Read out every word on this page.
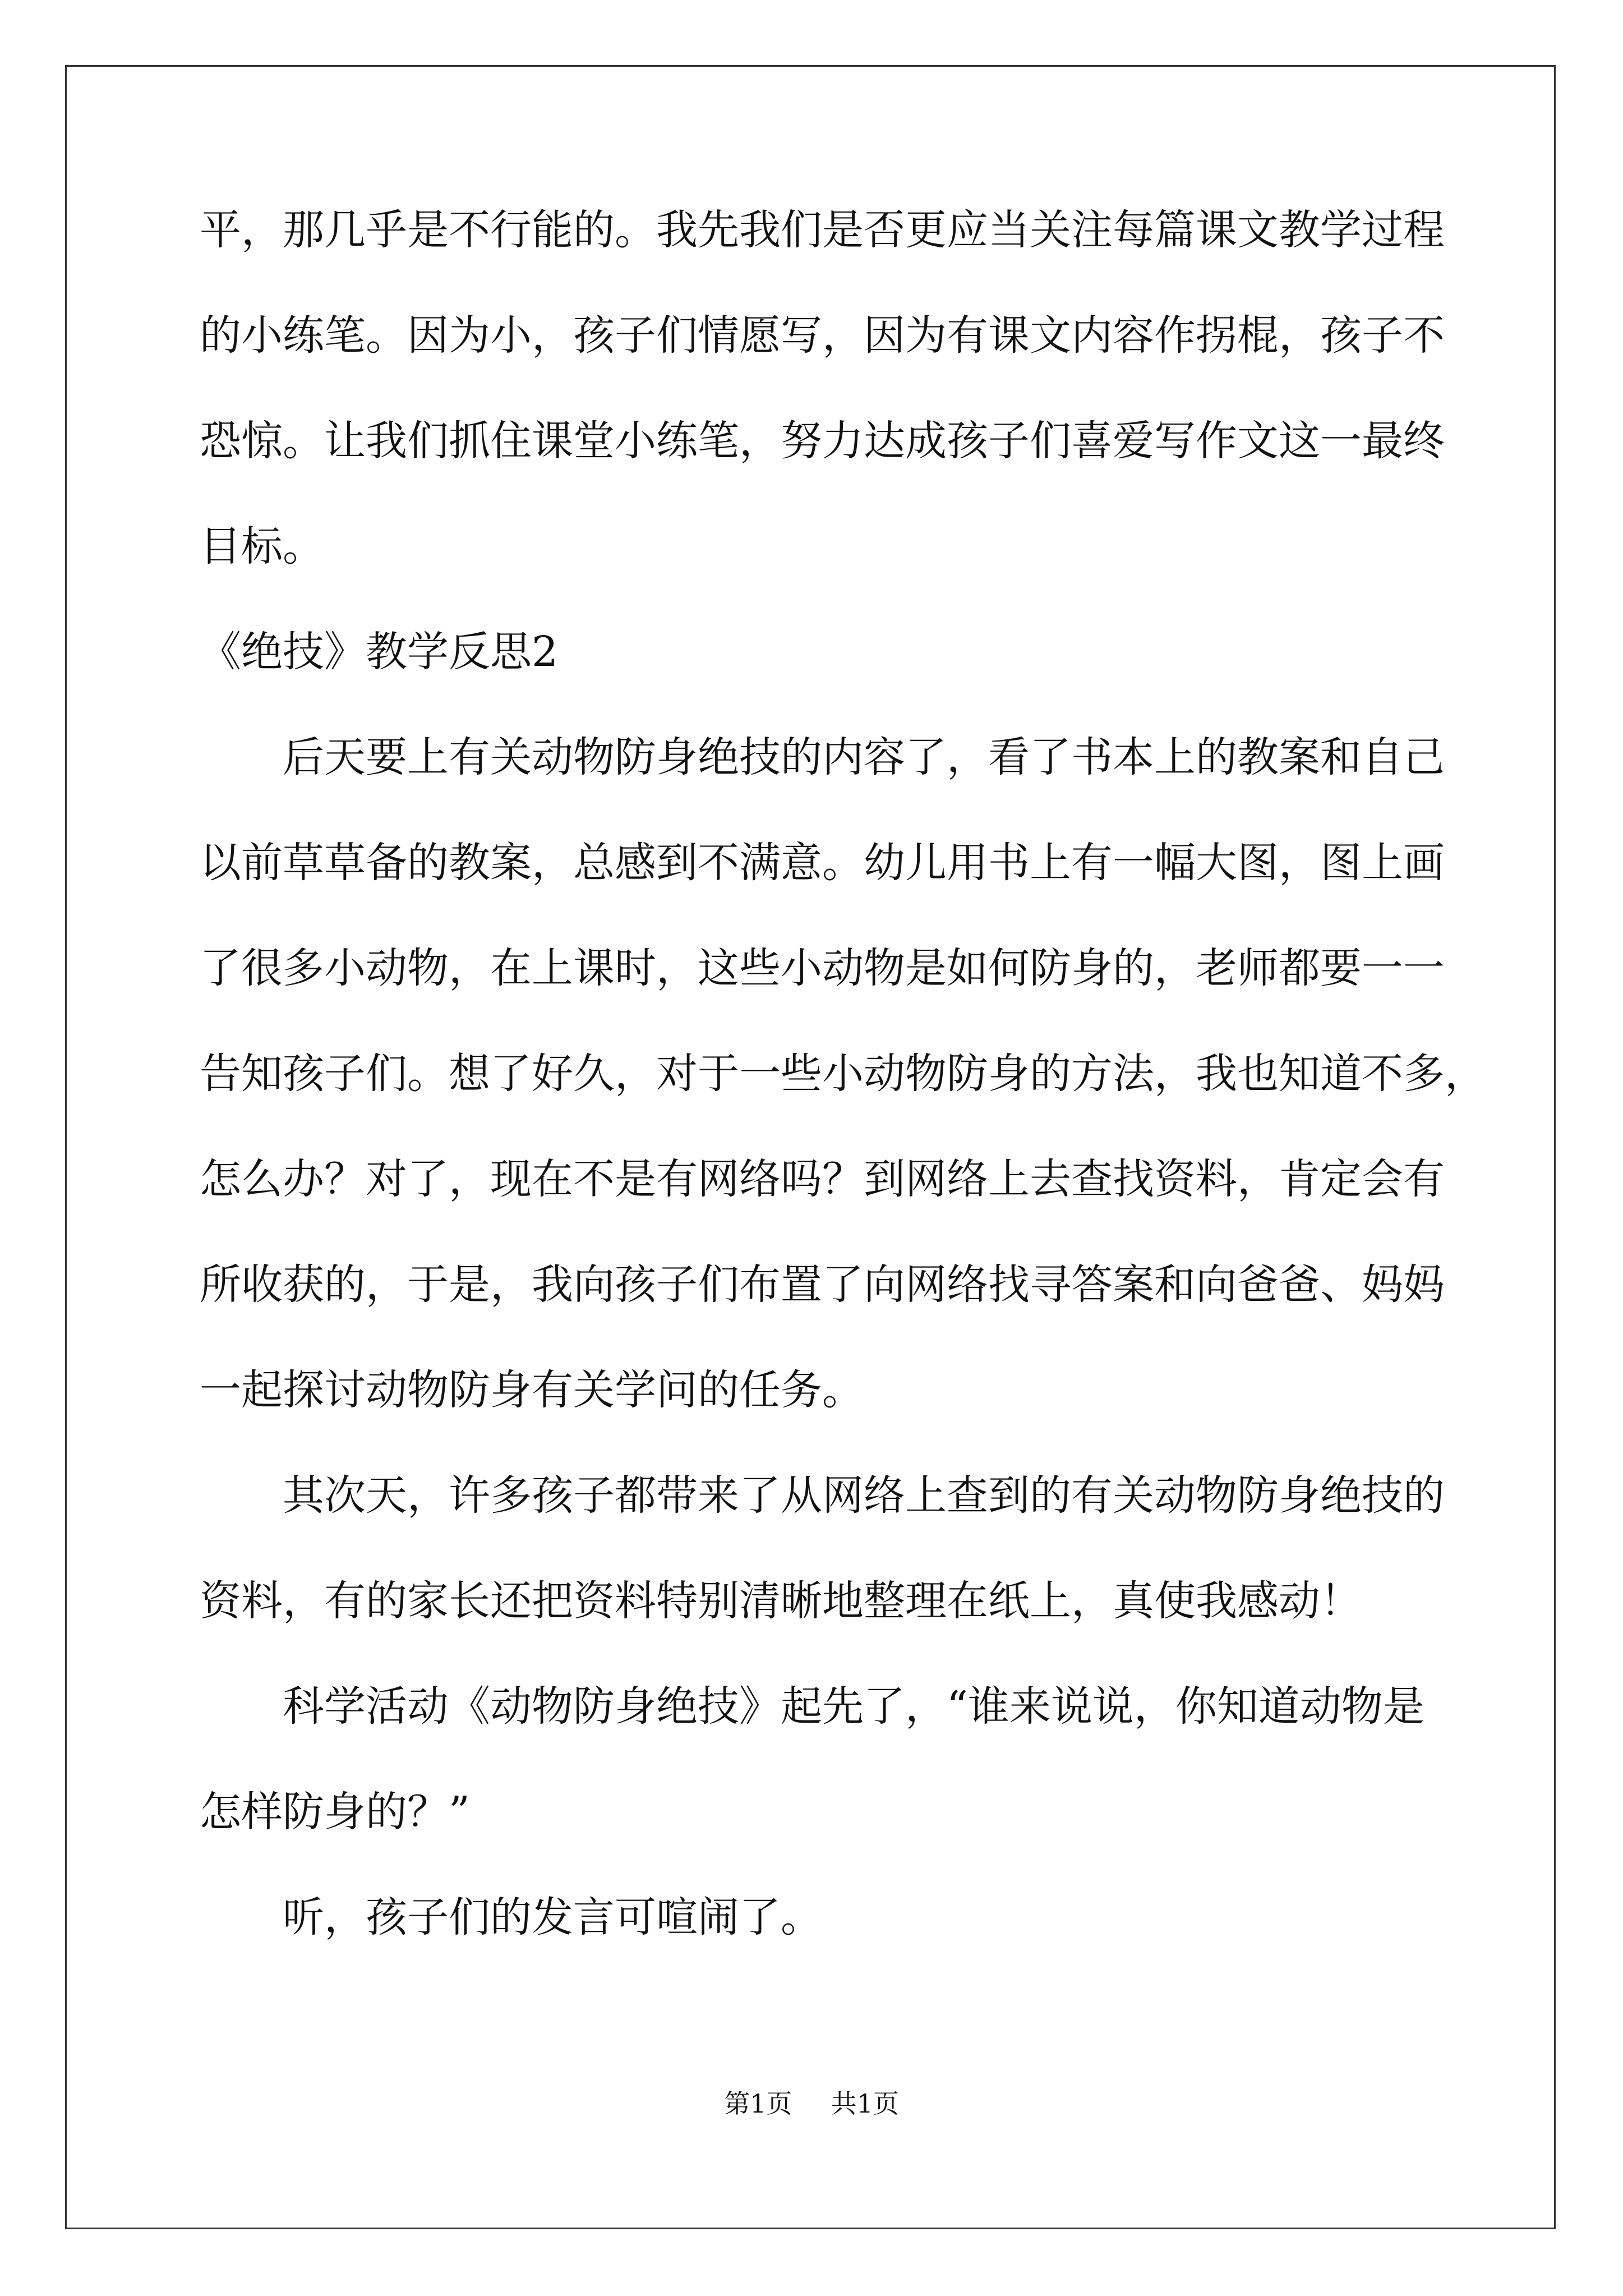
平，那几乎是不行能的。我先我们是否更应当关注每篇课文教学过程

的小练笔。因为小，孩子们情愿写，因为有课文内容作拐棍，孩子不

恐惊。让我们抓住课堂小练笔，努力达成孩子们喜爱写作文这一最终

目标。

《绝技》教学反思2

后天要上有关动物防身绝技的内容了，看了书本上的教案和自己

以前草草备的教案，总感到不满意。幼儿用书上有一幅大图，图上画

了很多小动物，在上课时，这些小动物是如何防身的，老师都要一一

告知孩子们。想了好久，对于一些小动物防身的方法，我也知道不多，

怎么办？对了，现在不是有网络吗？到网络上去查找资料，肯定会有

所收获的，于是，我向孩子们布置了向网络找寻答案和向爸爸、妈妈

一起探讨动物防身有关学问的任务。

其次天，许多孩子都带来了从网络上查到的有关动物防身绝技的

资料，有的家长还把资料特别清晰地整理在纸上，真使我感动！

科学活动《动物防身绝技》起先了，“谁来说说，你知道动物是

怎样防身的？”

听，孩子们的发言可喧闹了。

第1页 共1页
